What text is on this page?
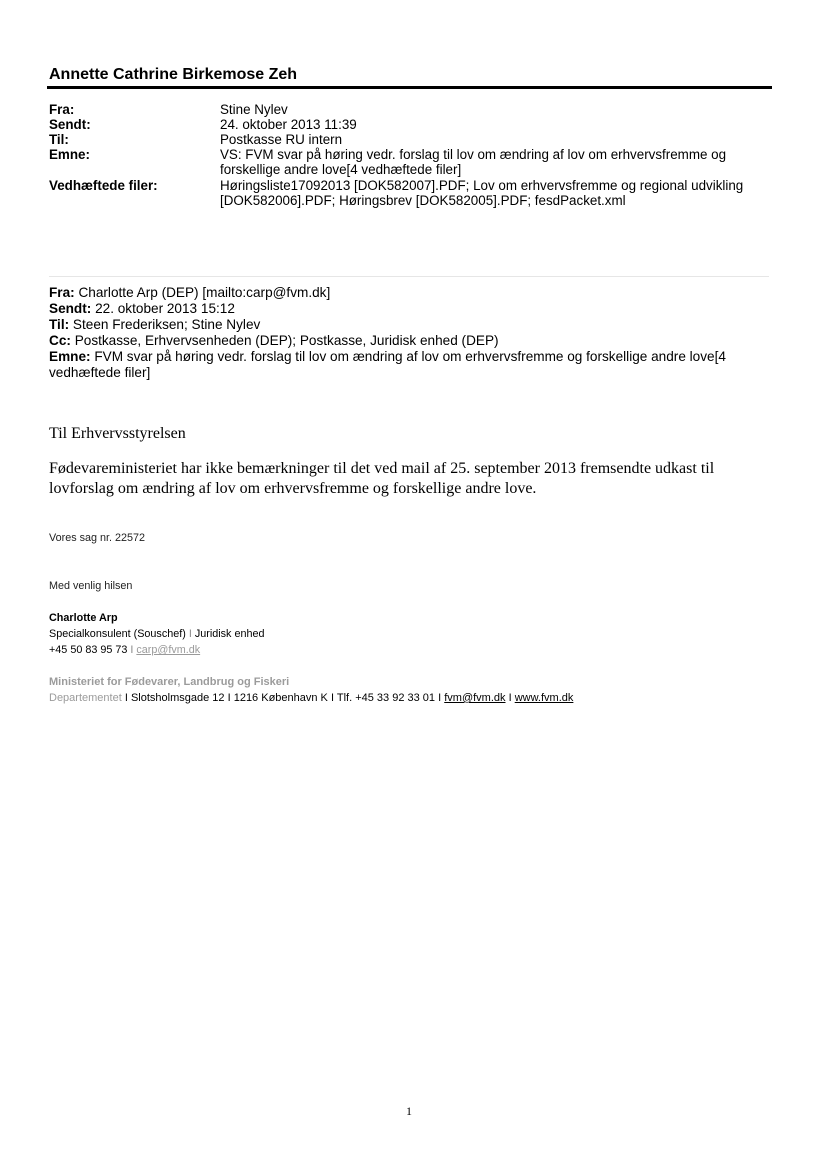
Annette Cathrine Birkemose Zeh
Fra:	Stine Nylev
Sendt:	24. oktober 2013 11:39
Til:	Postkasse RU intern
Emne:	VS: FVM svar på høring vedr. forslag til lov om ændring af lov om erhvervsfremme og forskellige andre love[4 vedhæftede filer]
Vedhæftede filer:	Høringsliste17092013 [DOK582007].PDF; Lov om erhvervsfremme og regional udvikling [DOK582006].PDF; Høringsbrev [DOK582005].PDF; fesdPacket.xml
Fra: Charlotte Arp (DEP) [mailto:carp@fvm.dk]
Sendt: 22. oktober 2013 15:12
Til: Steen Frederiksen; Stine Nylev
Cc: Postkasse, Erhvervsenheden (DEP); Postkasse, Juridisk enhed (DEP)
Emne: FVM svar på høring vedr. forslag til lov om ændring af lov om erhvervsfremme og forskellige andre love[4 vedhæftede filer]
Til Erhvervsstyrelsen
Fødevareministeriet har ikke bemærkninger til det ved mail af 25. september 2013 fremsendte udkast til lovforslag om ændring af lov om erhvervsfremme og forskellige andre love.
Vores sag nr. 22572
Med venlig hilsen
Charlotte Arp
Specialkonsulent (Souschef) I Juridisk enhed
+45 50 83 95 73 I carp@fvm.dk
Ministeriet for Fødevarer, Landbrug og Fiskeri
Departementet I Slotsholmsgade 12 I 1216 København K I Tlf. +45 33 92 33 01 I fvm@fvm.dk I www.fvm.dk
1
